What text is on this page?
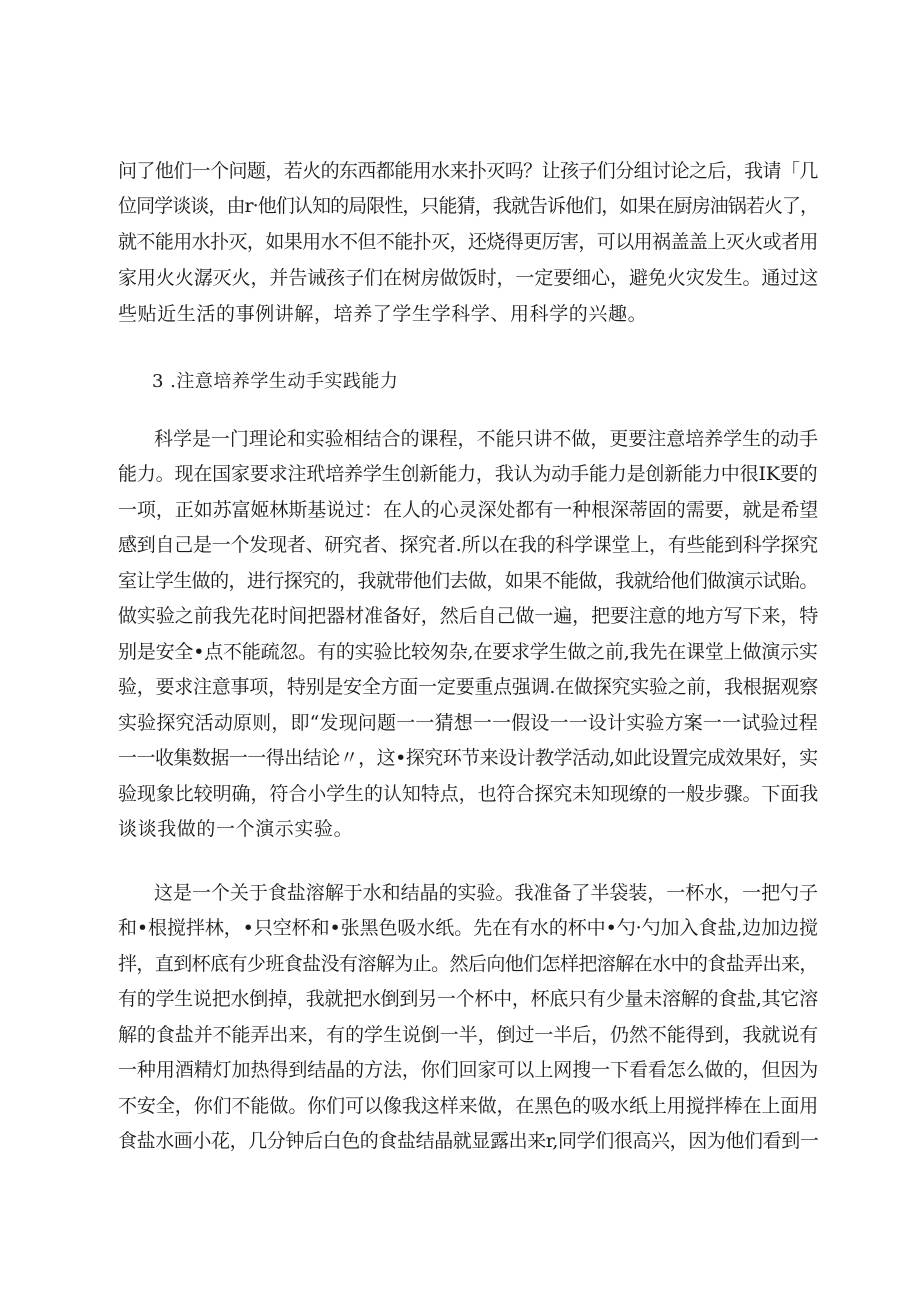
问了他们一个问题，若火的东西都能用水来扑灭吗？让孩子们分组讨论之后，我请「几
位同学谈谈，由r·他们认知的局限性，只能猜，我就告诉他们，如果在厨房油锅若火了，
就不能用水扑灭，如果用水不但不能扑灭，还烧得更厉害，可以用祸盖盖上灭火或者用
家用火火潺灭火，并告诫孩子们在树房做饭时，一定要细心，避免火灾发生。通过这
些贴近生活的事例讲解，培养了学生学科学、用科学的兴趣。
3 .注意培养学生动手实践能力
科学是一门理论和实验相结合的课程，不能只讲不做，更要注意培养学生的动手
能力。现在国家要求注玳培养学生创新能力，我认为动手能力是创新能力中很IK要的
一项，正如苏富姬林斯基说过：在人的心灵深处都有一种根深蒂固的需要，就是希望
感到自己是一个发现者、研究者、探究者.所以在我的科学课堂上，有些能到科学探究
室让学生做的，进行探究的，我就带他们去做，如果不能做，我就给他们做演示试貽。
做实验之前我先花时间把器材准备好，然后自己做一遍，把要注意的地方写下来，特
别是安全•点不能疏忽。有的实验比较匆杂,在要求学生做之前,我先在课堂上做演示实
验，要求注意事项，特别是安全方面一定要重点强调.在做探究实验之前，我根据观察
实验探究活动原则，即“发现问题一一猜想一一假设一一设计实验方案一一试验过程
一一收集数据一一得出结论〃，这•探究环节来设计教学活动,如此设置完成效果好，实
验现象比较明确，符合小学生的认知特点，也符合探究未知现缭的一般步骤。下面我
谈谈我做的一个演示实验。
这是一个关于食盐溶解于水和结晶的实验。我准备了半袋装，一杯水，一把勺子
和•根搅拌林，•只空杯和•张黑色吸水纸。先在有水的杯中•勺·勺加入食盐,边加边搅
拌，直到杯底有少班食盐没有溶解为止。然后向他们怎样把溶解在水中的食盐弄出来，
有的学生说把水倒掉，我就把水倒到另一个杯中，杯底只有少量未溶解的食盐,其它溶
解的食盐并不能弄出来，有的学生说倒一半，倒过一半后，仍然不能得到，我就说有
一种用酒精灯加热得到结晶的方法，你们回家可以上网搜一下看看怎么做的，但因为
不安全，你们不能做。你们可以像我这样来做，在黑色的吸水纸上用搅拌棒在上面用
食盐水画小花，几分钟后白色的食盐结晶就显露出来r,同学们很高兴，因为他们看到一
